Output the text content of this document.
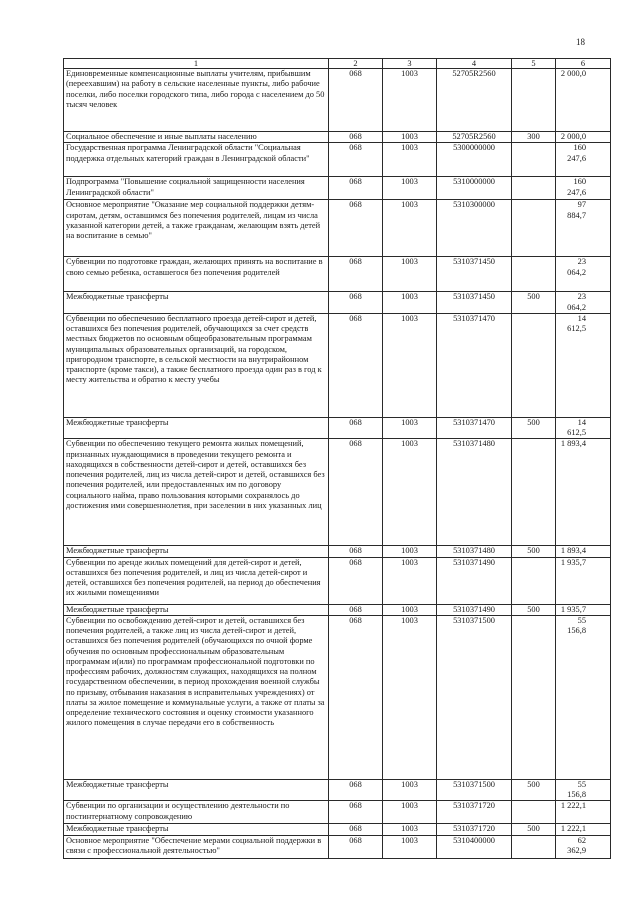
18
1	2	3	4	5	6
Единовременные компенсационные выплаты учителям, прибывшим (переехавшим) на работу в сельские населенные пункты, либо рабочие поселки, либо поселки городского типа, либо города с населением до 50 тысяч человек	068	1003	52705R2560		2 000,0
Социальное обеспечение и иные выплаты населению	068	1003	52705R2560	300	2 000,0
Государственная программа Ленинградской области "Социальная поддержка отдельных категорий граждан в Ленинградской области"	068	1003	5300000000		160 247,6
Подпрограмма "Повышение социальной защищенности населения Ленинградской области"	068	1003	5310000000		160 247,6
Основное мероприятие "Оказание мер социальной поддержки детям-сиротам, детям, оставшимся без попечения родителей, лицам из числа указанной категории детей, а также гражданам, желающим взять детей на воспитание в семью"	068	1003	5310300000		97 884,7
Субвенции по подготовке граждан, желающих принять на воспитание в свою семью ребенка, оставшегося без попечения родителей	068	1003	5310371450		23 064,2
Межбюджетные трансферты	068	1003	5310371450	500	23 064,2
Субвенции по обеспечению бесплатного проезда детей-сирот и детей, оставшихся без попечения родителей, обучающихся за счет средств местных бюджетов по основным общеобразовательным программам муниципальных образовательных организаций, на городском, пригородном транспорте, в сельской местности на внутрирайонном транспорте (кроме такси), а также бесплатного проезда один раз в год к месту жительства и обратно к месту учебы	068	1003	5310371470		14 612,5
Межбюджетные трансферты	068	1003	5310371470	500	14 612,5
Субвенции по обеспечению текущего ремонта жилых помещений, признанных нуждающимися в проведении текущего ремонта и находящихся в собственности детей-сирот и детей, оставшихся без попечения родителей, лиц из числа детей-сирот и детей, оставшихся без попечения родителей, или предоставленных им по договору социального найма, право пользования которыми сохранялось до достижения ими совершеннолетия, при заселении в них указанных лиц	068	1003	5310371480		1 893,4
Межбюджетные трансферты	068	1003	5310371480	500	1 893,4
Субвенции по аренде жилых помещений для детей-сирот и детей, оставшихся без попечения родителей, и лиц из числа детей-сирот и детей, оставшихся без попечения родителей, на период до обеспечения их жилыми помещениями	068	1003	5310371490		1 935,7
Межбюджетные трансферты	068	1003	5310371490	500	1 935,7
Субвенции по освобождению детей-сирот и детей, оставшихся без попечения родителей, а также лиц из числа детей-сирот и детей, оставшихся без попечения родителей (обучающихся по очной форме обучения по основным профессиональным образовательным программам и(или) по программам профессиональной подготовки по профессиям рабочих, должностям служащих, находящихся на полном государственном обеспечении, в период прохождения военной службы по призыву, отбывания наказания в исправительных учреждениях) от платы за жилое помещение и коммунальные услуги, а также от платы за определение технического состояния и оценку стоимости указанного жилого помещения в случае передачи его в собственность	068	1003	5310371500		55 156,8
Межбюджетные трансферты	068	1003	5310371500	500	55 156,8
Субвенции по организации и осуществлению деятельности по постинтернатному сопровождению	068	1003	5310371720		1 222,1
Межбюджетные трансферты	068	1003	5310371720	500	1 222,1
Основное мероприятие "Обеспечение мерами социальной поддержки в связи с профессиональной деятельностью"	068	1003	5310400000		62 362,9
